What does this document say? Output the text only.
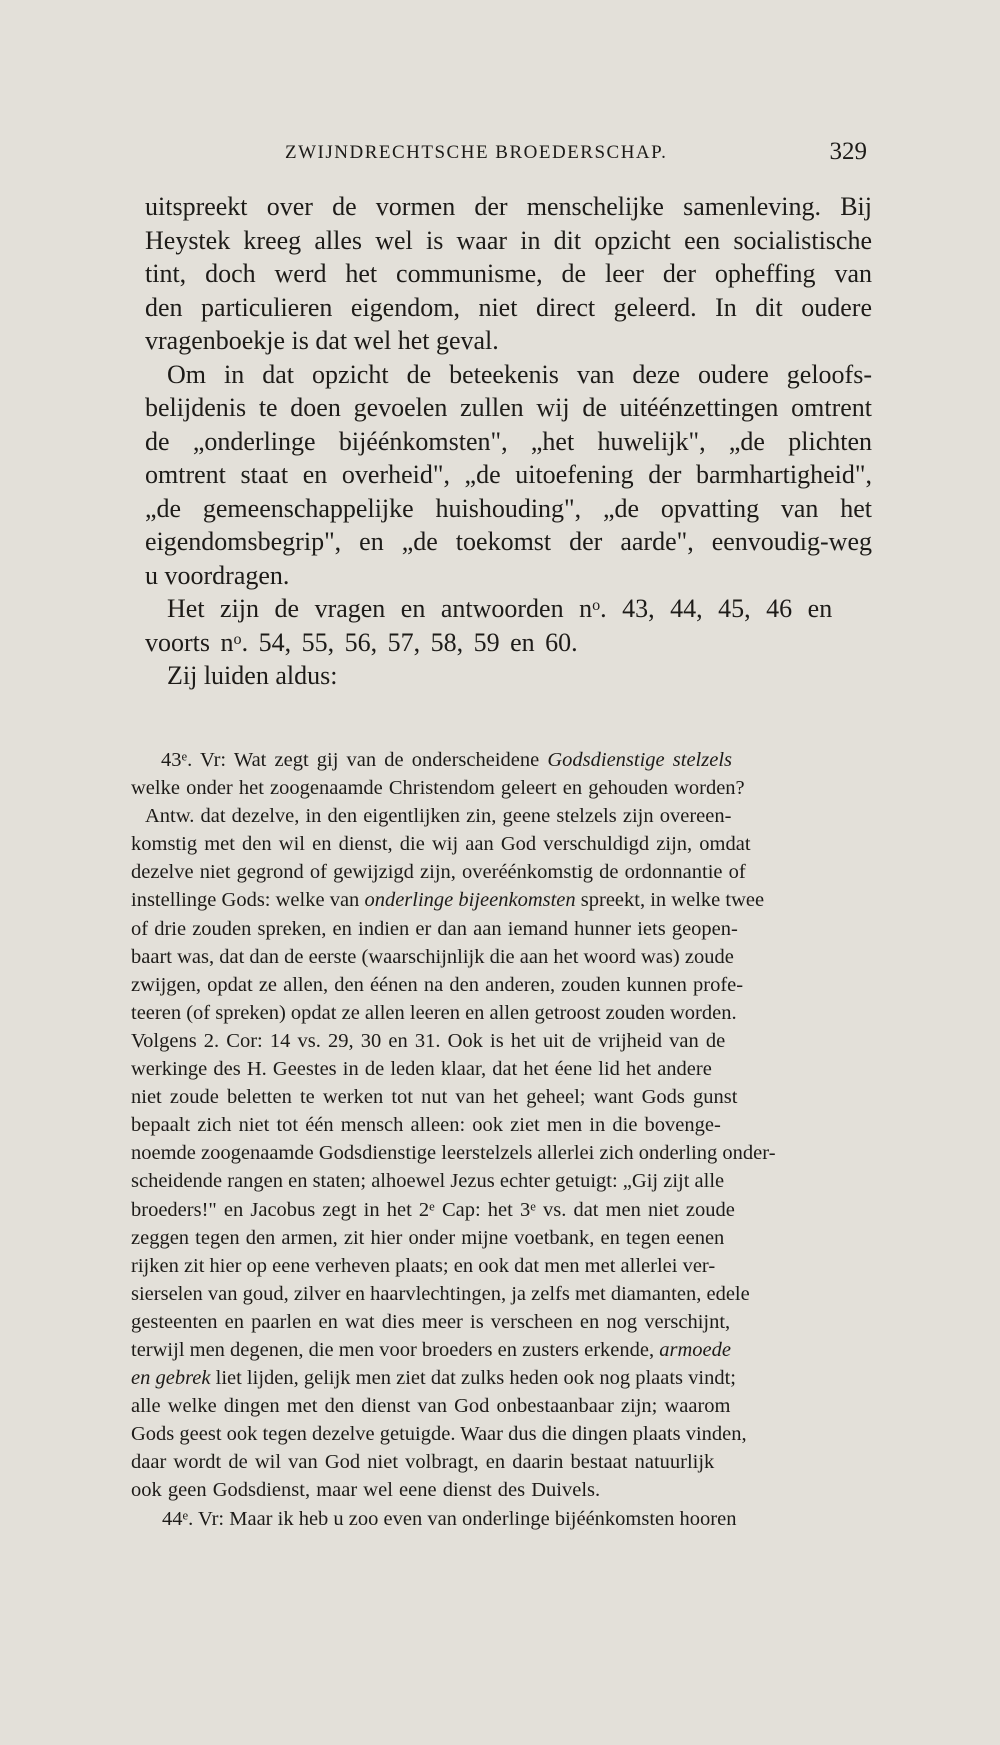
ZWIJNDRECHTSCHE BROEDERSCHAP.	329
uitspreekt over de vormen der menschelijke samenleving. Bij
Heystek kreeg alles wel is waar in dit opzicht een socialistische
tint, doch werd het communisme, de leer der opheffing van
den particulieren eigendom, niet direct geleerd. In dit oudere
vragenboekje is dat wel het geval.
Om in dat opzicht de beteekenis van deze oudere geloofs-
belijdenis te doen gevoelen zullen wij de uitéénzettingen omtrent
de „onderlinge bijéénkomsten", „het huwelijk", „de plichten
omtrent staat en overheid", „de uitoefening der barmhartigheid",
„de gemeenschappelijke huishouding", „de opvatting van het
eigendomsbegrip", en „de toekomst der aarde", eenvoudig-weg
u voordragen.
Het zijn de vragen en antwoorden $n^o$. 43, 44, 45, 46 en
voorts $n^o$. 54, 55, 56, 57, 58, 59 en 60.
Zij luiden aldus:
43e. Vr: Wat zegt gij van de onderscheidene Godsdienstige stelzels
welke onder het zoogenaamde Christendom geleert en gehouden worden?
Antw. dat dezelve, in den eigentlijken zin, geene stelzels zijn overeen-
komstig met den wil en dienst, die wij aan God verschuldigd zijn, omdat
dezelve niet gegrond of gewijzigd zijn, overéénkomstig de ordonnantie of
instellinge Gods: welke van onderlinge bijeenkomsten spreekt, in welke twee
of drie zouden spreken, en indien er dan aan iemand hunner iets geopen-
baart was, dat dan de eerste (waarschijnlijk die aan het woord was) zoude
zwijgen, opdat ze allen, den éénen na den anderen, zouden kunnen profe-
teeren (of spreken) opdat ze allen leeren en allen getroost zouden worden.
Volgens 2. Cor: 14 vs. 29, 30 en 31. Ook is het uit de vrijheid van de
werkinge des H. Geestes in de leden klaar, dat het éene lid het andere
niet zoude beletten te werken tot nut van het geheel; want Gods gunst
bepaalt zich niet tot één mensch alleen: ook ziet men in die bovenge-
noemde zoogenaamde Godsdienstige leerstelzels allerlei zich onderling onder-
scheidende rangen en staten; alhoewel Jezus echter getuigt: „Gij zijt alle
broeders!" en Jacobus zegt in het 2e Cap: het 3e vs. dat men niet zoude
zeggen tegen den armen, zit hier onder mijne voetbank, en tegen eenen
rijken zit hier op eene verheven plaats; en ook dat men met allerlei ver-
sierselen van goud, zilver en haarvlechtingen, ja zelfs met diamanten, edele
gesteenten en paarlen en wat dies meer is verscheen en nog verschijnt,
terwijl men degenen, die men voor broeders en zusters erkende, armoede
en gebrek liet lijden, gelijk men ziet dat zulks heden ook nog plaats vindt;
alle welke dingen met den dienst van God onbestaanbaar zijn; waarom
Gods geest ook tegen dezelve getuigde. Waar dus die dingen plaats vinden,
daar wordt de wil van God niet volbragt, en daarin bestaat natuurlijk
ook geen Godsdienst, maar wel eene dienst des Duivels.
44e. Vr: Maar ik heb u zoo even van onderlinge bijéénkomsten hooren
